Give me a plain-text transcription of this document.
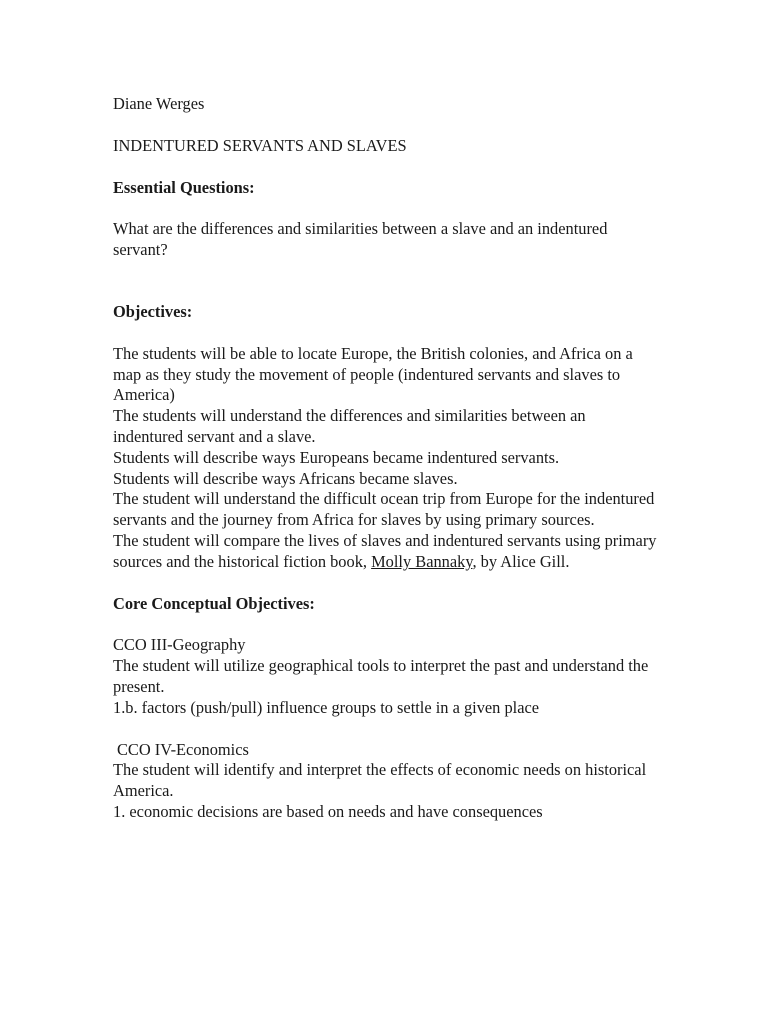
Diane Werges

INDENTURED SERVANTS AND SLAVES

Essential Questions:

What are the differences and similarities between a slave and an indentured servant?

Objectives:

The students will be able to locate Europe, the British colonies, and Africa on a map as they study the movement of people (indentured servants and slaves to America)

The students will understand the differences and similarities between an indentured servant and a slave.

Students will describe ways Europeans became indentured servants.

Students will describe ways Africans became slaves.

The student will understand the difficult ocean trip from Europe for the indentured servants and the journey from Africa for slaves by using primary sources.

The student will compare the lives of slaves and indentured servants using primary sources and the historical fiction book, Molly Bannaky, by Alice Gill.

Core Conceptual Objectives:

CCO III-Geography

The student will utilize geographical tools to interpret the past and understand the present.

1.b. factors (push/pull) influence groups to settle in a given place

CCO IV-Economics

The student will identify and interpret the effects of economic needs on historical America.

1. economic decisions are based on needs and have consequences
